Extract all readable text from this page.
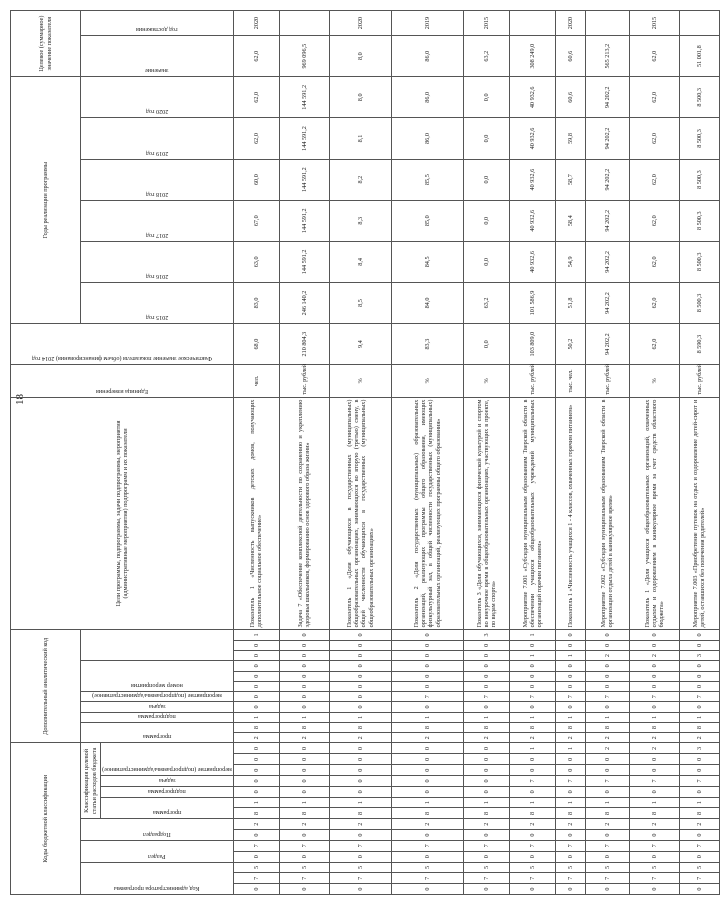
18
Коды бюджетной классификации														Дополнительный аналитический код											Цели программы, подпрограммы, задачи подпрограммы, мероприятия (административные мероприятия) подпрограмм и их показатели	Единица измерения	Фактическое значение показателя (объем финансирования) 2014 год	Годы реализации программы						Целевое (суммарное) значение показателя	

Код администратора программы			Раздел		Подраздел		Классификация целевой статьи расходов бюджета							программа		подпрограмма	задача	мероприятие (подпрограммы/административное)	номер мероприятия									2015 год	2016 год	2017 год	2018 год	2019 год	2020 год	значение	год достижения

							программа		подпрограмма	задача	мероприятие (подпрограммы/административное)																								

0	7	5	0	7	0	2	8	1	0	0	0	0	0	2	8	1	0	0	0	0	0	0	0	1	Показатель 1 «Численность выпускников детских домов, получающих дополнительное социальное обеспечение»	чел.	68,0	83,0	63,0	67,0	60,0	62,0	62,0	62,0	2020
0	7	5	0	7	0	2	8	1	0	0	0	0	0	2	8	1	0	0	0	0	0	0	0	0	Задача 7 «Обеспечение комплексной деятельности по сохранению и укреплению здоровья школьников, формированию основ здорового образа жизни»	тыс. рублей	210 804,3	246 140,2	144 591,2	144 591,2	144 591,2	144 591,2	144 591,2	969 096,5	
0	7	5	0	7	0	2	8	1	0	0	0	0	0	2	8	1	0	0	0	0	0	0	0	0	Показатель 1 «Доля обучающихся в государственных (муниципальных) общеобразовательных организациях, занимающихся во вторую (третью) смену, в общей численности обучающихся в государственных (муниципальных) общеобразовательных организациях»	%	9,4	8,5	8,4	8,3	8,2	8,1	8,0	8,0	2020
0	7	5	0	7	0	2	8	1	0	0	0	0	0	2	8	1	0	7	0	0	0	0	0	0	Показатель 2 «Доля государственных (муниципальных) образовательных организаций, реализующих программы общего образования, имеющих физкультурный зал, в общей численности государственных (муниципальных) образовательных организаций, реализующих программы общего образования»	%	83,3	84,0	84,5	85,0	85,5	86,0	86,0	86,0	2019
0	7	5	0	7	0	2	8	1	0	0	0	0	0	2	8	1	0	7	0	0	0	0	0	3	Показатель 3 «Доля обучающихся, занимающихся физической культурой и спортом во внеурочное время в общеобразовательных организациях, участвующих в проекте, по видам спорта»	%	0,0	63,2	0,0	0,0	0,0	0,0	0,0	63,2	2015
0	7	5	0	7	0	2	8	1	0	7	0	0	1	2	8	1	0	7	0	0	0	1	0	1	Мероприятие 7.001 «Субсидия муниципальным образованиям Тверской области в обеспечении учащихся общеобразовательных учреждений муниципальных организаций горячим питанием»	тыс. рублей	103 809,0	101 586,9	40 932,6	40 932,6	40 932,6	40 932,6	40 932,6	308 249,0	
0	7	5	0	7	0	2	8	1	0	7	0	0	1	2	8	1	0	7	0	0	0	1	0	0	Показатель 1 «Численность учащихся 1 - 4 классов, охваченных горячим питанием»	тыс. чел.	50,2	51,8	54,9	58,4	58,7	59,8	60,6	60,6	2020
0	7	5	0	7	0	2	8	1	0	7	0	0	2	2	8	1	0	7	0	0	0	2	0	0	Мероприятие 7.002 «Субсидия муниципальным образованиям Тверской области в организации отдыха детей в каникулярное время»	тыс. рублей	94 202,2	94 202,2	94 202,2	94 202,2	94 202,2	94 202,2	94 202,2	565 213,2	
0	7	5	0	7	0	2	8	1	0	7	0	0	2	2	8	1	0	7	0	0	0	2	0	0	Показатель 1 «Доля учащихся общеобразовательных организаций, охваченных отдыхом и оздоровлением в каникулярное время за счет средств областного бюджета»	%	62,0	62,0	62,0	62,0	62,0	62,0	62,0	62,0	2015
0	7	5	0	7	0	2	8	1	0	7	0	0	3	2	8	1	0	7	0	0	0	3	0	0	Мероприятие 7.003 «Приобретение путевок на отдых и оздоровление детей-сирот и детей, оставшихся без попечения родителей»	тыс. рублей	8 590,3	8 500,3	8 500,3	8 500,3	8 500,3	8 500,3	8 500,3	51 001,8	
